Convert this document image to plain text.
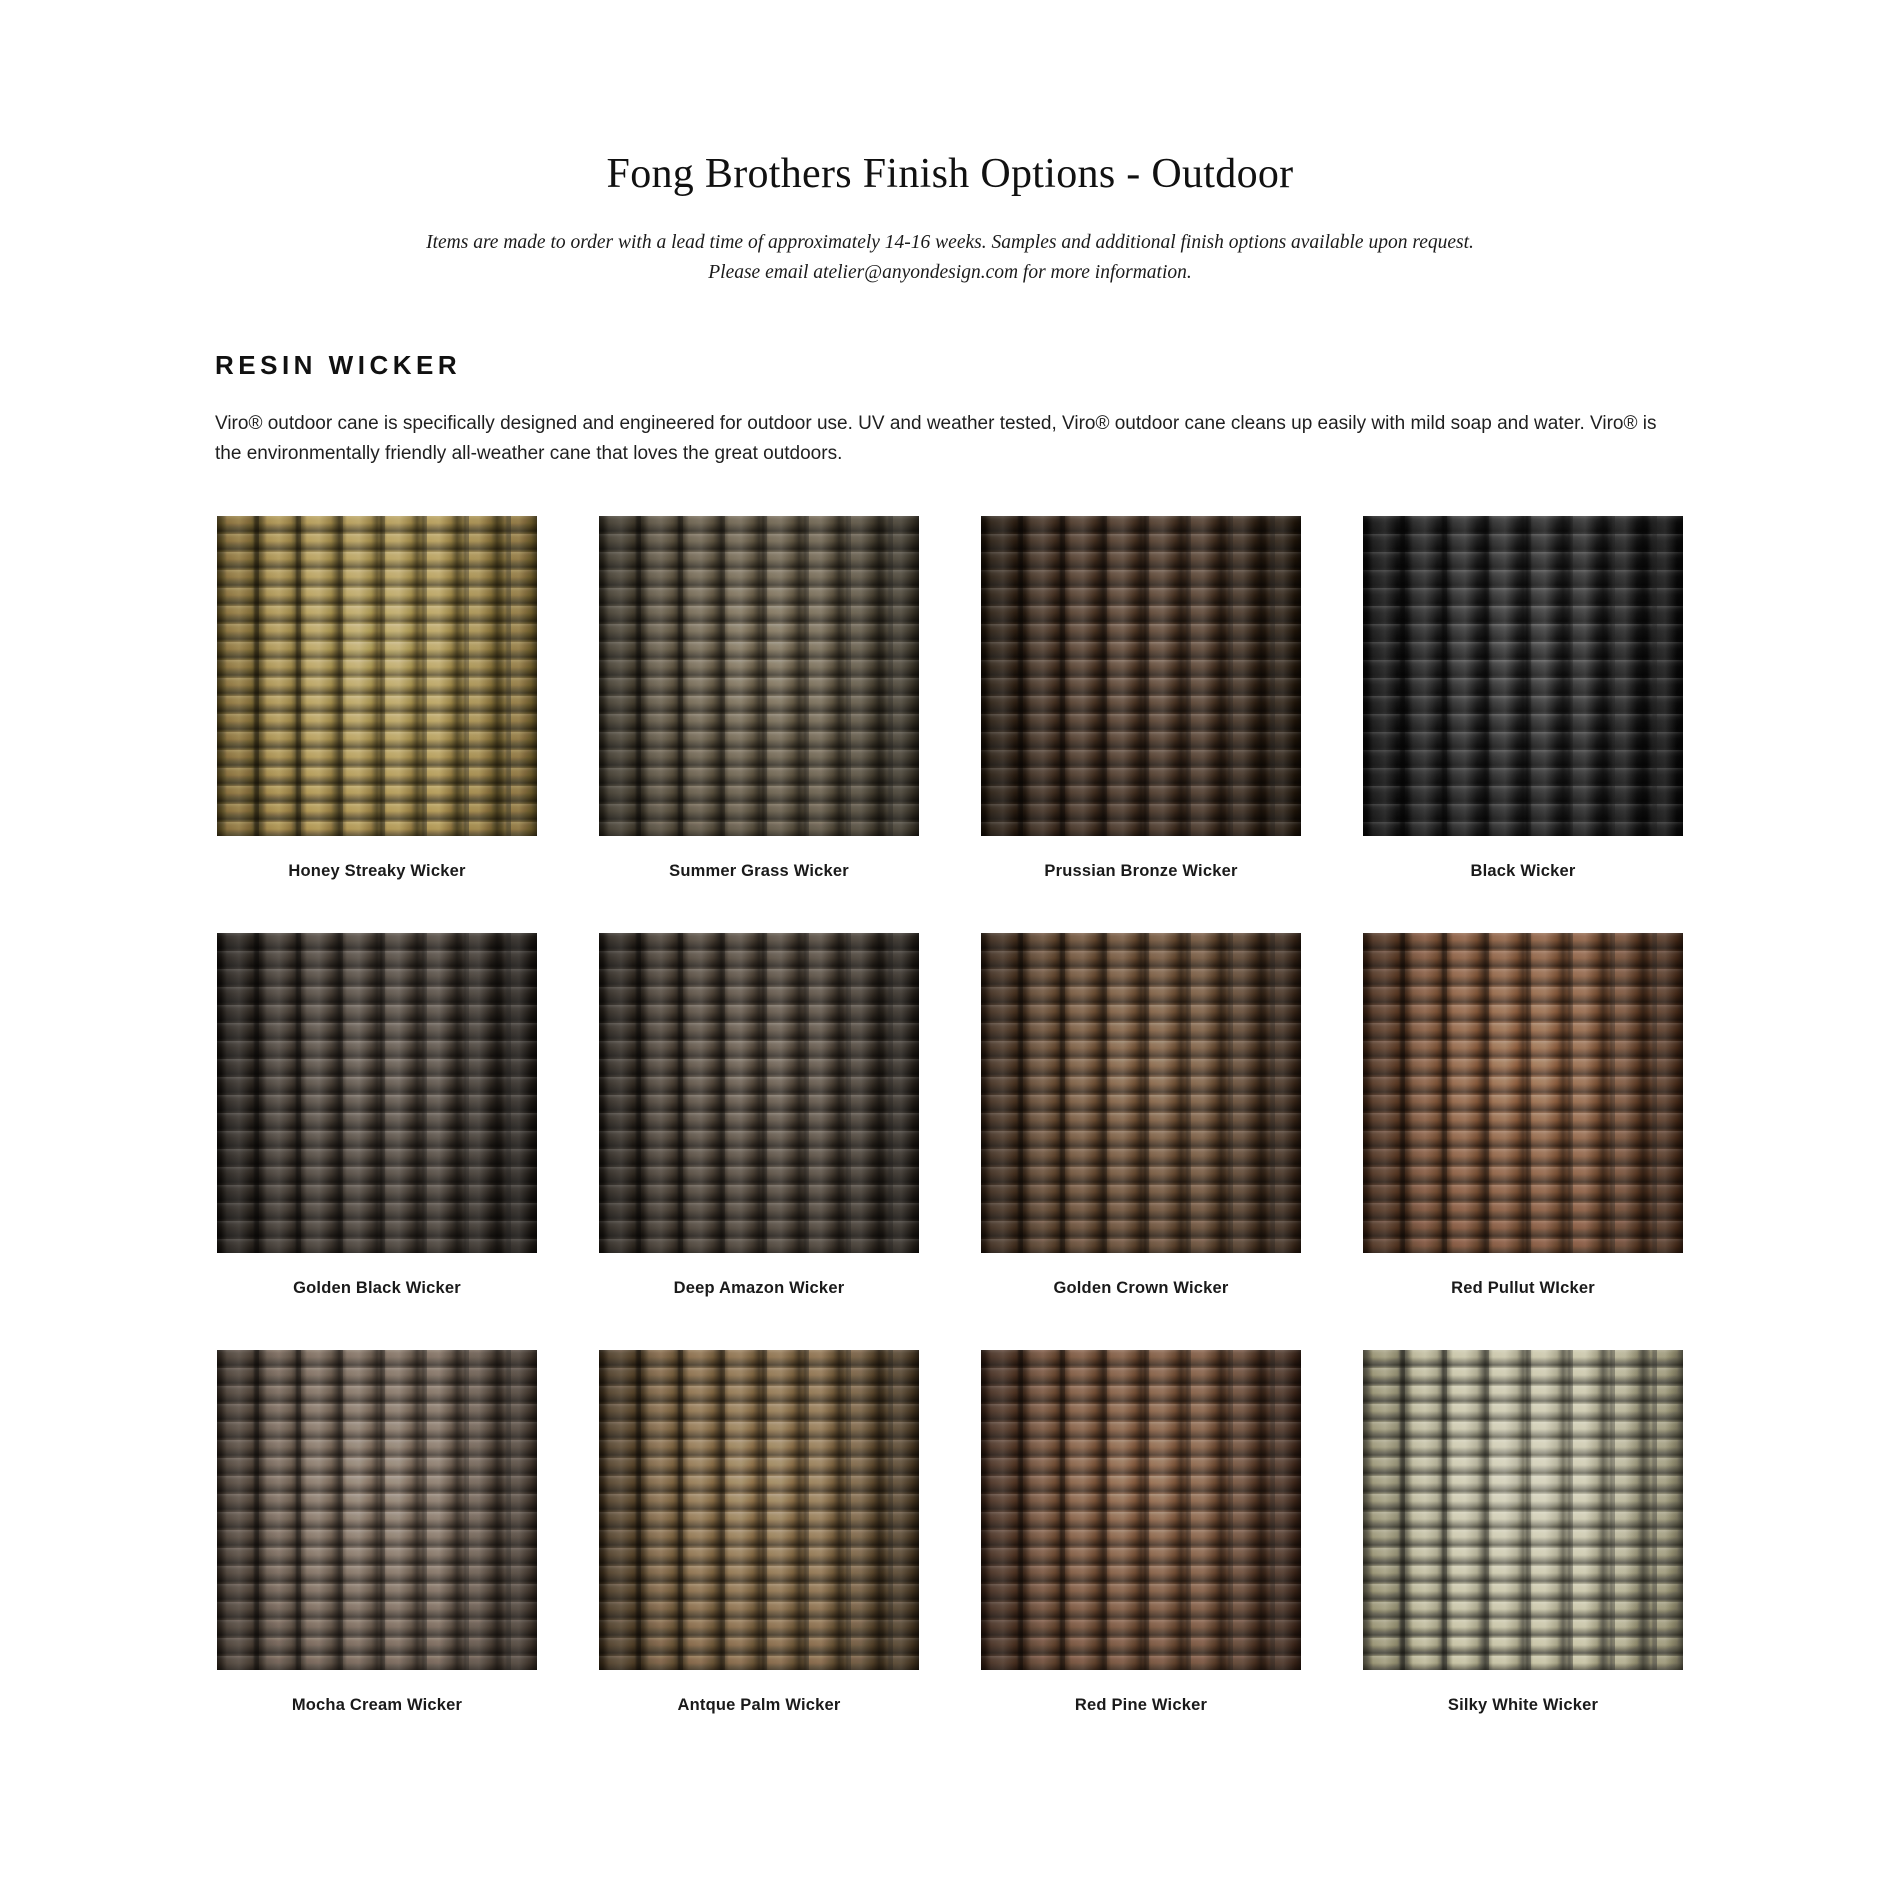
Fong Brothers Finish Options - Outdoor
Items are made to order with a lead time of approximately 14-16 weeks. Samples and additional finish options available upon request.
Please email atelier@anyondesign.com for more information.
RESIN WICKER

Viro® outdoor cane is specifically designed and engineered for outdoor use. UV and weather tested, Viro® outdoor cane cleans up easily with mild soap and water. Viro® is the environmentally friendly all-weather cane that loves the great outdoors.

Honey Streaky Wicker	Summer Grass Wicker	Prussian Bronze Wicker	Black Wicker
Golden Black Wicker	Deep Amazon Wicker	Golden Crown Wicker	Red Pullut WIcker
Mocha Cream Wicker	Antque Palm Wicker	Red Pine Wicker	Silky White Wicker
